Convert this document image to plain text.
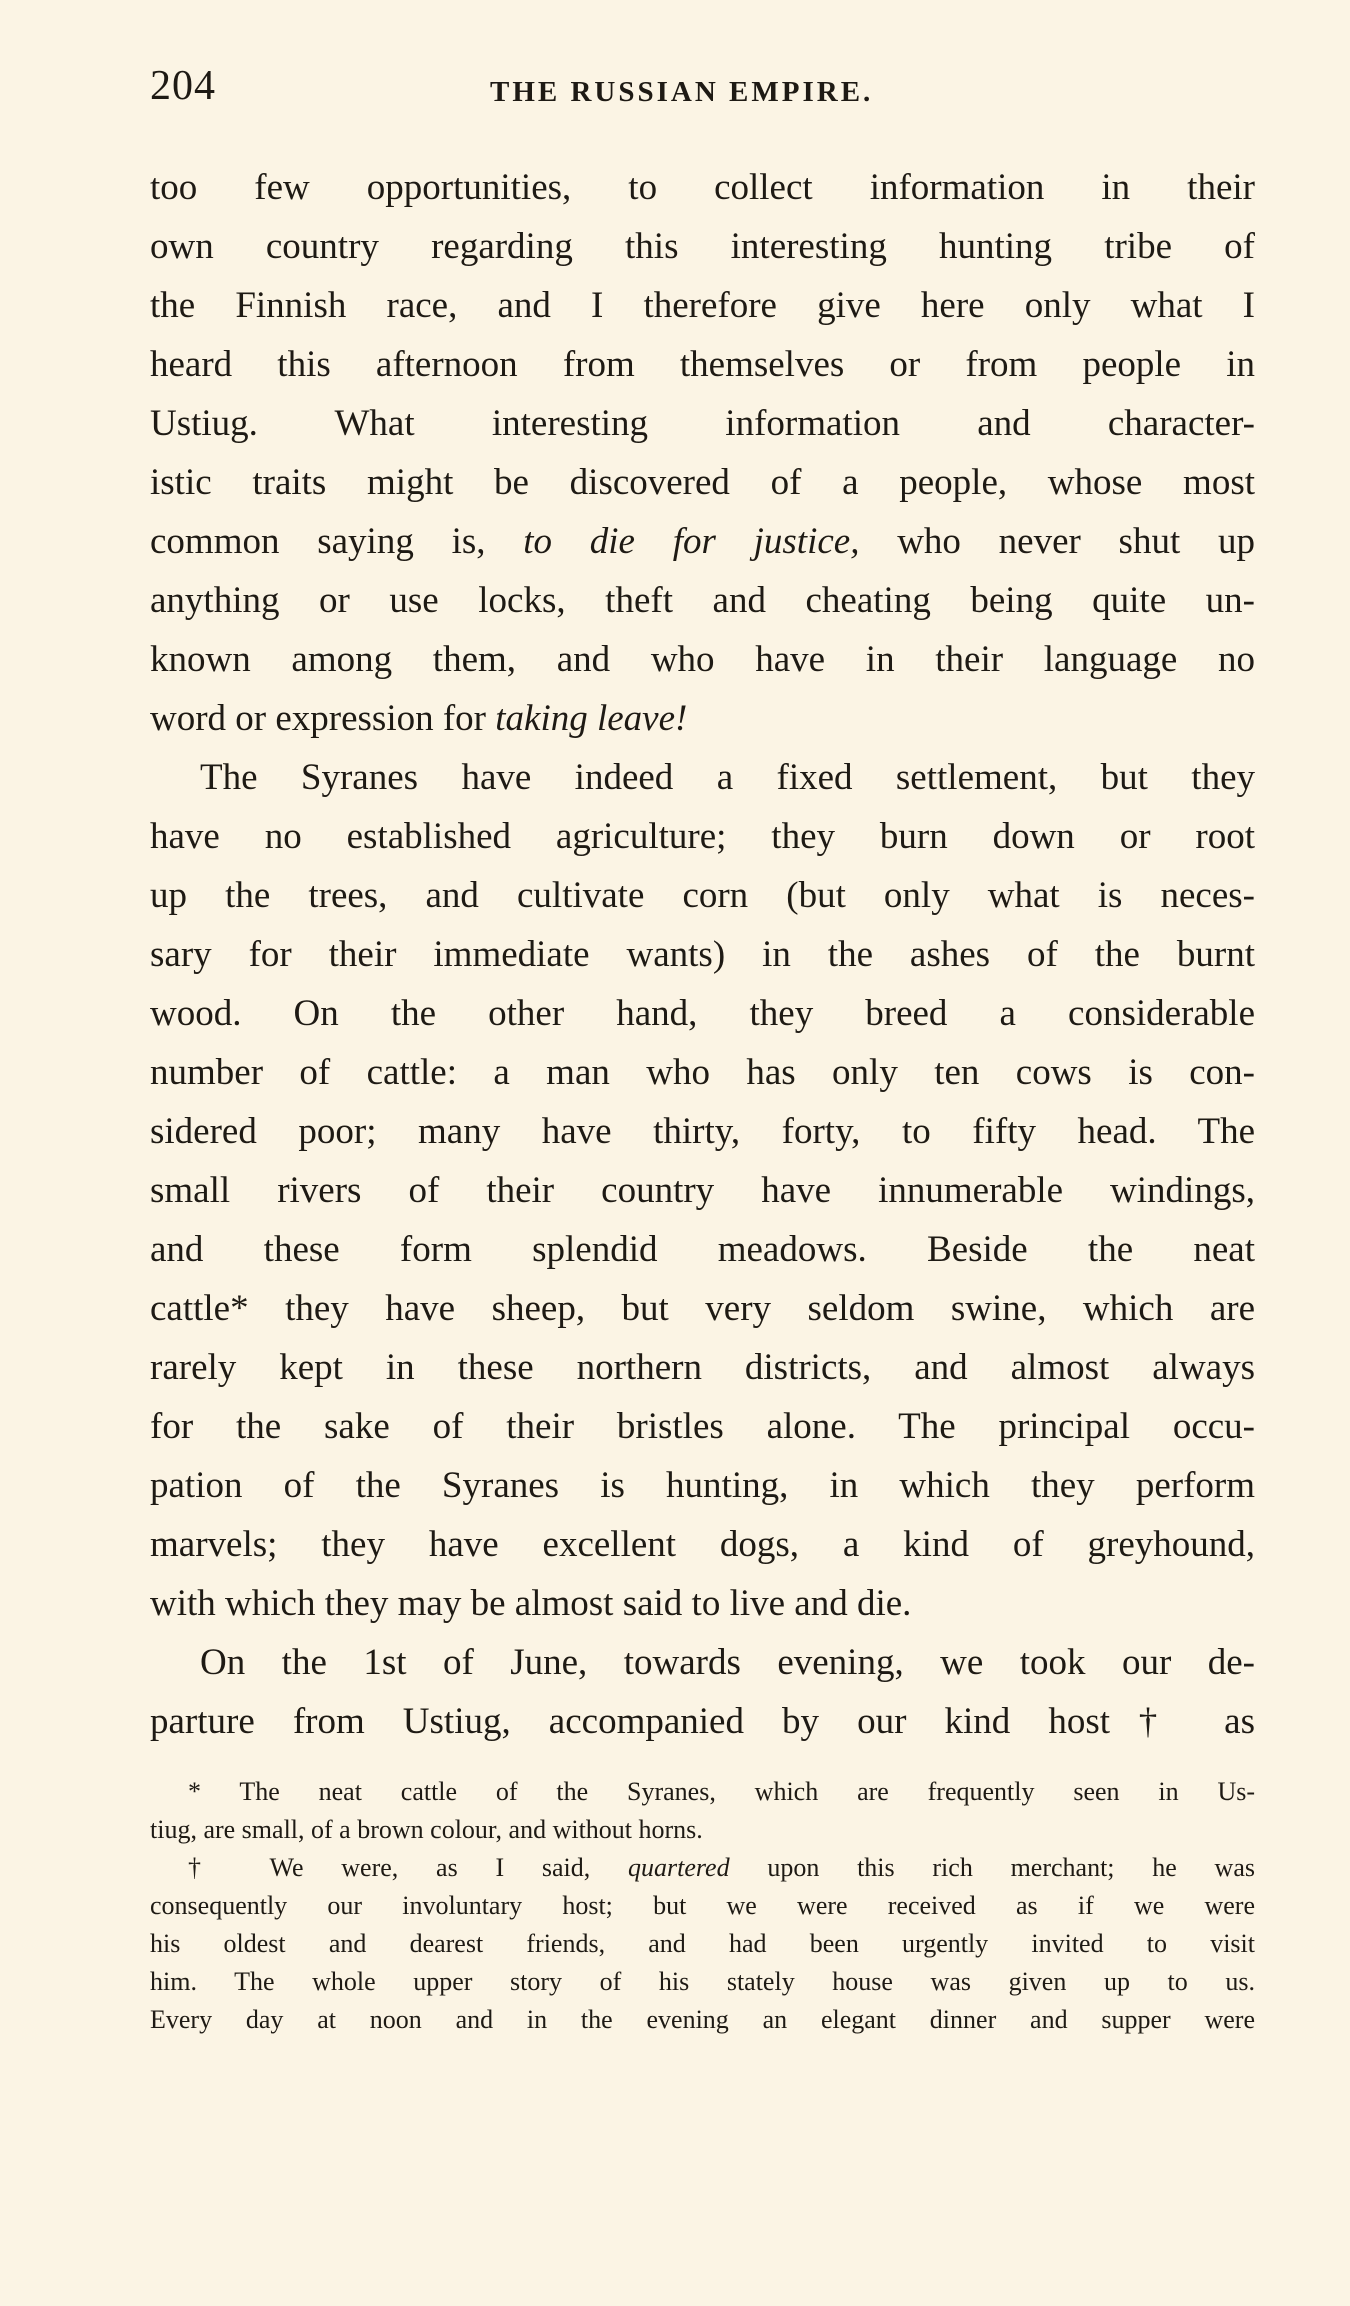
204	THE RUSSIAN EMPIRE.
too few opportunities, to collect information in their
own country regarding this interesting hunting tribe of
the Finnish race, and I therefore give here only what I
heard this afternoon from themselves or from people in
Ustiug. What interesting information and character-
istic traits might be discovered of a people, whose most
common saying is, to die for justice, who never shut up
anything or use locks, theft and cheating being quite un-
known among them, and who have in their language no
word or expression for taking leave!
The Syranes have indeed a fixed settlement, but they
have no established agriculture; they burn down or root
up the trees, and cultivate corn (but only what is neces-
sary for their immediate wants) in the ashes of the burnt
wood. On the other hand, they breed a considerable
number of cattle: a man who has only ten cows is con-
sidered poor; many have thirty, forty, to fifty head. The
small rivers of their country have innumerable windings,
and these form splendid meadows. Beside the neat
cattle* they have sheep, but very seldom swine, which are
rarely kept in these northern districts, and almost always
for the sake of their bristles alone. The principal occu-
pation of the Syranes is hunting, in which they perform
marvels; they have excellent dogs, a kind of greyhound,
with which they may be almost said to live and die.
On the 1st of June, towards evening, we took our de-
parture from Ustiug, accompanied by our kind host† as
* The neat cattle of the Syranes, which are frequently seen in Us-
tiug, are small, of a brown colour, and without horns.
† We were, as I said, quartered upon this rich merchant; he was
consequently our involuntary host; but we were received as if we were
his oldest and dearest friends, and had been urgently invited to visit
him. The whole upper story of his stately house was given up to us.
Every day at noon and in the evening an elegant dinner and supper were
